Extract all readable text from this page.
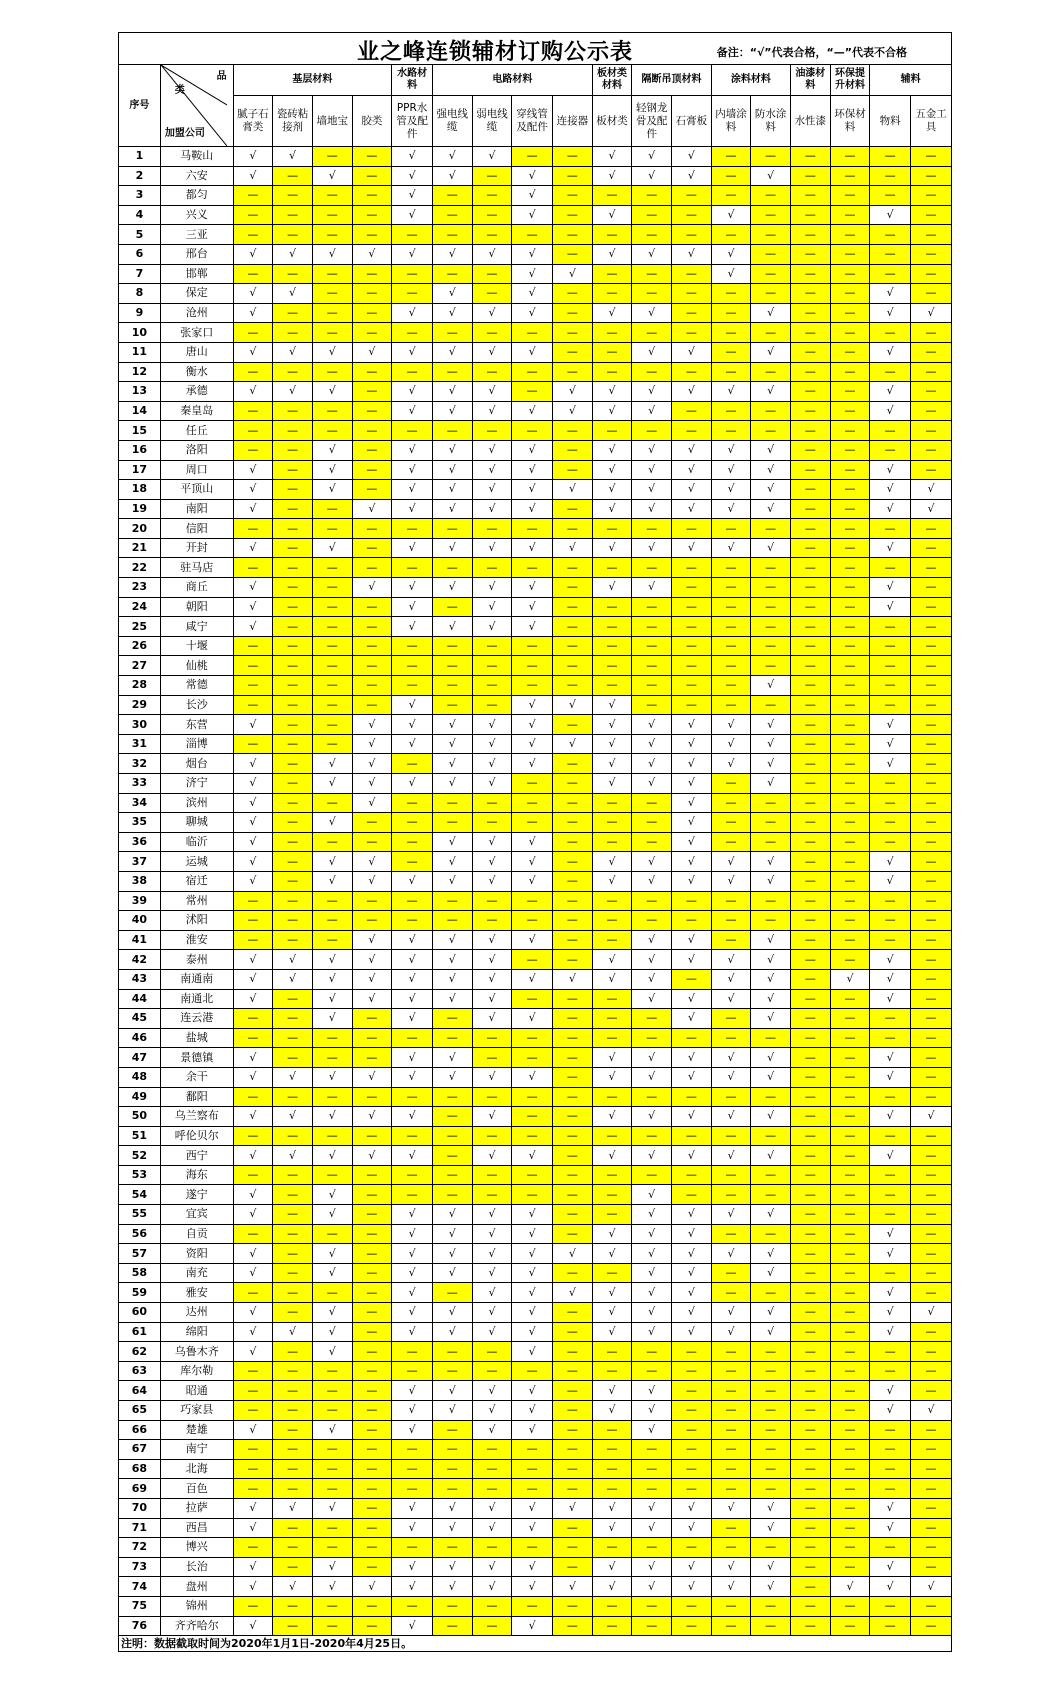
业之峰连锁辅材订购公示表	备注：“√”代表合格，“—”代表不合格
序号	品
类
加盟公司	基层材料				水路材料	电路材料				板材类材料	隔断吊顶材料		涂料材料		油漆材料	环保提升材料	辅料	
		腻子石膏类	瓷砖粘接剂	墙地宝	胶类	PPR水管及配件	强电线缆	弱电线缆	穿线管及配件	连接器	板材类	轻钢龙骨及配件	石膏板	内墙涂料	防水涂料	水性漆	环保材料	物料	五金工具
1	马鞍山	√	√	—	—	√	√	√	—	—	√	√	√	—	—	—	—	—	—
2	六安	√	—	√	—	√	√	—	√	—	√	√	√	—	√	—	—	—	—
3	都匀	—	—	—	—	√	—	—	√	—	—	—	—	—	—	—	—	—	—
4	兴义	—	—	—	—	√	—	—	√	—	√	—	—	√	—	—	—	√	—
5	三亚	—	—	—	—	—	—	—	—	—	—	—	—	—	—	—	—	—	—
6	邢台	√	√	√	√	√	√	√	√	—	√	√	√	√	—	—	—	—	—
7	邯郸	—	—	—	—	—	—	—	√	√	—	—	—	√	—	—	—	—	—
8	保定	√	√	—	—	—	√	—	√	—	—	—	—	—	—	—	—	√	—
9	沧州	√	—	—	—	√	√	√	√	—	√	√	—	—	√	—	—	√	√
10	张家口	—	—	—	—	—	—	—	—	—	—	—	—	—	—	—	—	—	—
11	唐山	√	√	√	√	√	√	√	√	—	—	√	√	—	√	—	—	√	—
12	衡水	—	—	—	—	—	—	—	—	—	—	—	—	—	—	—	—	—	—
13	承德	√	√	√	—	√	√	√	—	√	√	√	√	√	√	—	—	√	—
14	秦皇岛	—	—	—	—	√	√	√	√	√	√	√	—	—	—	—	—	√	—
15	任丘	—	—	—	—	—	—	—	—	—	—	—	—	—	—	—	—	—	—
16	洛阳	—	—	√	—	√	√	√	√	—	√	√	√	√	√	—	—	—	—
17	周口	√	—	√	—	√	√	√	√	—	√	√	√	√	√	—	—	√	—
18	平顶山	√	—	√	—	√	√	√	√	√	√	√	√	√	√	—	—	√	√
19	南阳	√	—	—	√	√	√	√	√	—	√	√	√	√	√	—	—	√	√
20	信阳	—	—	—	—	—	—	—	—	—	—	—	—	—	—	—	—	—	—
21	开封	√	—	√	—	√	√	√	√	√	√	√	√	√	√	—	—	√	—
22	驻马店	—	—	—	—	—	—	—	—	—	—	—	—	—	—	—	—	—	—
23	商丘	√	—	—	√	√	√	√	√	—	√	√	—	—	—	—	—	√	—
24	朝阳	√	—	—	—	√	—	√	√	—	—	—	—	—	—	—	—	√	—
25	咸宁	√	—	—	—	√	√	√	√	—	—	—	—	—	—	—	—	—	—
26	十堰	—	—	—	—	—	—	—	—	—	—	—	—	—	—	—	—	—	—
27	仙桃	—	—	—	—	—	—	—	—	—	—	—	—	—	—	—	—	—	—
28	常德	—	—	—	—	—	—	—	—	—	—	—	—	—	√	—	—	—	—
29	长沙	—	—	—	—	√	—	—	√	√	√	—	—	—	—	—	—	—	—
30	东营	√	—	—	√	√	√	√	√	—	√	√	√	√	√	—	—	√	—
31	淄博	—	—	—	√	√	√	√	√	√	√	√	√	√	√	—	—	√	—
32	烟台	√	—	√	√	—	√	√	√	—	√	√	√	√	√	—	—	√	—
33	济宁	√	—	√	√	√	√	√	—	—	√	√	√	—	√	—	—	—	—
34	滨州	√	—	—	√	—	—	—	—	—	—	—	√	—	—	—	—	—	—
35	聊城	√	—	√	—	—	—	—	—	—	—	—	√	—	—	—	—	—	—
36	临沂	√	—	—	—	—	√	√	√	—	—	—	√	—	—	—	—	—	—
37	运城	√	—	√	√	—	√	√	√	—	√	√	√	√	√	—	—	√	—
38	宿迁	√	—	√	√	√	√	√	√	—	√	√	√	√	√	—	—	√	—
39	常州	—	—	—	—	—	—	—	—	—	—	—	—	—	—	—	—	—	—
40	沭阳	—	—	—	—	—	—	—	—	—	—	—	—	—	—	—	—	—	—
41	淮安	—	—	—	√	√	√	√	√	—	—	√	√	—	√	—	—	—	—
42	泰州	√	√	√	√	√	√	√	—	—	√	√	√	√	√	—	—	√	—
43	南通南	√	√	√	√	√	√	√	√	√	√	√	—	√	√	—	√	√	—
44	南通北	√	—	√	√	√	√	√	—	—	—	√	√	√	√	—	—	√	—
45	连云港	—	—	√	—	√	—	√	√	—	—	—	√	—	√	—	—	—	—
46	盐城	—	—	—	—	—	—	—	—	—	—	—	—	—	—	—	—	—	—
47	景德镇	√	—	—	—	√	√	—	—	—	√	√	√	√	√	—	—	√	—
48	余干	√	√	√	√	√	√	√	√	—	√	√	√	√	√	—	—	√	—
49	鄱阳	—	—	—	—	—	—	—	—	—	—	—	—	—	—	—	—	—	—
50	乌兰察布	√	√	√	√	√	—	√	—	—	√	√	√	√	√	—	—	√	√
51	呼伦贝尔	—	—	—	—	—	—	—	—	—	—	—	—	—	—	—	—	—	—
52	西宁	√	√	√	√	√	—	√	√	—	√	√	√	√	√	—	—	√	—
53	海东	—	—	—	—	—	—	—	—	—	—	—	—	—	—	—	—	—	—
54	遂宁	√	—	√	—	—	—	—	—	—	—	√	—	—	—	—	—	—	—
55	宜宾	√	—	√	—	√	√	√	√	—	—	√	√	√	√	—	—	—	—
56	自贡	—	—	—	—	√	√	√	√	—	√	√	√	—	—	—	—	√	—
57	资阳	√	—	√	—	√	√	√	√	√	√	√	√	√	√	—	—	√	—
58	南充	√	—	√	—	√	√	√	√	—	—	√	√	—	√	—	—	—	—
59	雅安	—	—	—	—	√	—	√	√	√	√	√	√	—	—	—	—	√	—
60	达州	√	—	√	—	√	√	√	√	—	√	√	√	√	√	—	—	√	√
61	绵阳	√	√	√	—	√	√	√	√	—	√	√	√	√	√	—	—	√	—
62	乌鲁木齐	√	—	√	—	—	—	—	√	—	—	—	—	—	—	—	—	—	—
63	库尔勒	—	—	—	—	—	—	—	—	—	—	—	—	—	—	—	—	—	—
64	昭通	—	—	—	—	√	√	√	√	—	√	√	—	—	—	—	—	√	—
65	巧家县	—	—	—	—	√	√	√	√	—	√	√	—	—	—	—	—	√	√
66	楚雄	√	—	√	—	√	—	√	√	—	—	√	—	—	—	—	—	—	—
67	南宁	—	—	—	—	—	—	—	—	—	—	—	—	—	—	—	—	—	—
68	北海	—	—	—	—	—	—	—	—	—	—	—	—	—	—	—	—	—	—
69	百色	—	—	—	—	—	—	—	—	—	—	—	—	—	—	—	—	—	—
70	拉萨	√	√	√	—	√	√	√	√	√	√	√	√	√	√	—	—	√	—
71	西昌	√	—	—	—	√	√	√	√	—	√	√	√	—	√	—	—	√	—
72	博兴	—	—	—	—	—	—	—	—	—	—	—	—	—	—	—	—	—	—
73	长治	√	—	√	—	√	√	√	√	—	√	√	√	√	√	—	—	√	—
74	盘州	√	√	√	√	√	√	√	√	√	√	√	√	√	√	—	√	√	√
75	锦州	—	—	—	—	—	—	—	—	—	—	—	—	—	—	—	—	—	—
76	齐齐哈尔	√	—	—	—	√	—	—	√	—	—	—	—	—	—	—	—	—	—
注明：数据截取时间为2020年1月1日-2020年4月25日。
